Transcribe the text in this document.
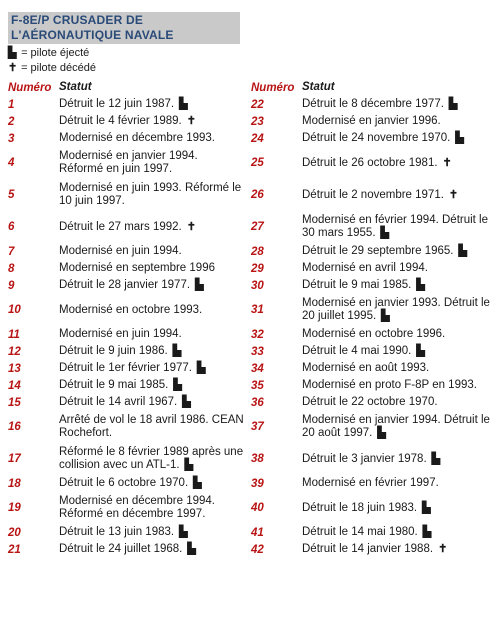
F-8E/P CRUSADER DE L'AÉRONAUTIQUE NAVALE
▙ = pilote éjecté
✝ = pilote décédé
Numéro	Statut
1	Détruit le 12 juin 1987. ▙
2	Détruit le 4 février 1989. ✝
3	Modernisé en décembre 1993.
4	Modernisé en janvier 1994. Réformé en juin 1997.
5	Modernisé en juin 1993. Réformé le 10 juin 1997.
6	Détruit le 27 mars 1992. ✝
7	Modernisé en juin 1994.
8	Modernisé en septembre 1996
9	Détruit le 28 janvier 1977. ▙
10	Modernisé en octobre 1993.
11	Modernisé en juin 1994.
12	Détruit le 9 juin 1986. ▙
13	Détruit le 1er février 1977. ▙
14	Détruit le 9 mai 1985. ▙
15	Détruit le 14 avril 1967. ▙
16	Arrêté de vol le 18 avril 1986. CEAN Rochefort.
17	Réformé le 8 février 1989 après une collision avec un ATL-1. ▙
18	Détruit le 6 octobre 1970. ▙
19	Modernisé en décembre 1994. Réformé en décembre 1997.
20	Détruit le 13 juin 1983. ▙
21	Détruit le 24 juillet 1968. ▙
Numéro	Statut
22	Détruit le 8 décembre 1977. ▙
23	Modernisé en janvier 1996.
24	Détruit le 24 novembre 1970. ▙
25	Détruit le 26 octobre 1981. ✝
26	Détruit le 2 novembre 1971. ✝
27	Modernisé en février 1994. Détruit le 30 mars 1955. ▙
28	Détruit le 29 septembre 1965. ▙
29	Modernisé en avril 1994.
30	Détruit le 9 mai 1985. ▙
31	Modernisé en janvier 1993. Détruit le 20 juillet 1995. ▙
32	Modernisé en octobre 1996.
33	Détruit le 4 mai 1990. ▙
34	Modernisé en août 1993.
35	Modernisé en proto F-8P en 1993.
36	Détruit le 22 octobre 1970.
37	Modernisé en janvier 1994. Détruit le 20 août 1997. ▙
38	Détruit le 3 janvier 1978. ▙
39	Modernisé en février 1997.
40	Détruit le 18 juin 1983. ▙
41	Détruit le 14 mai 1980. ▙
42	Détruit le 14 janvier 1988. ✝
